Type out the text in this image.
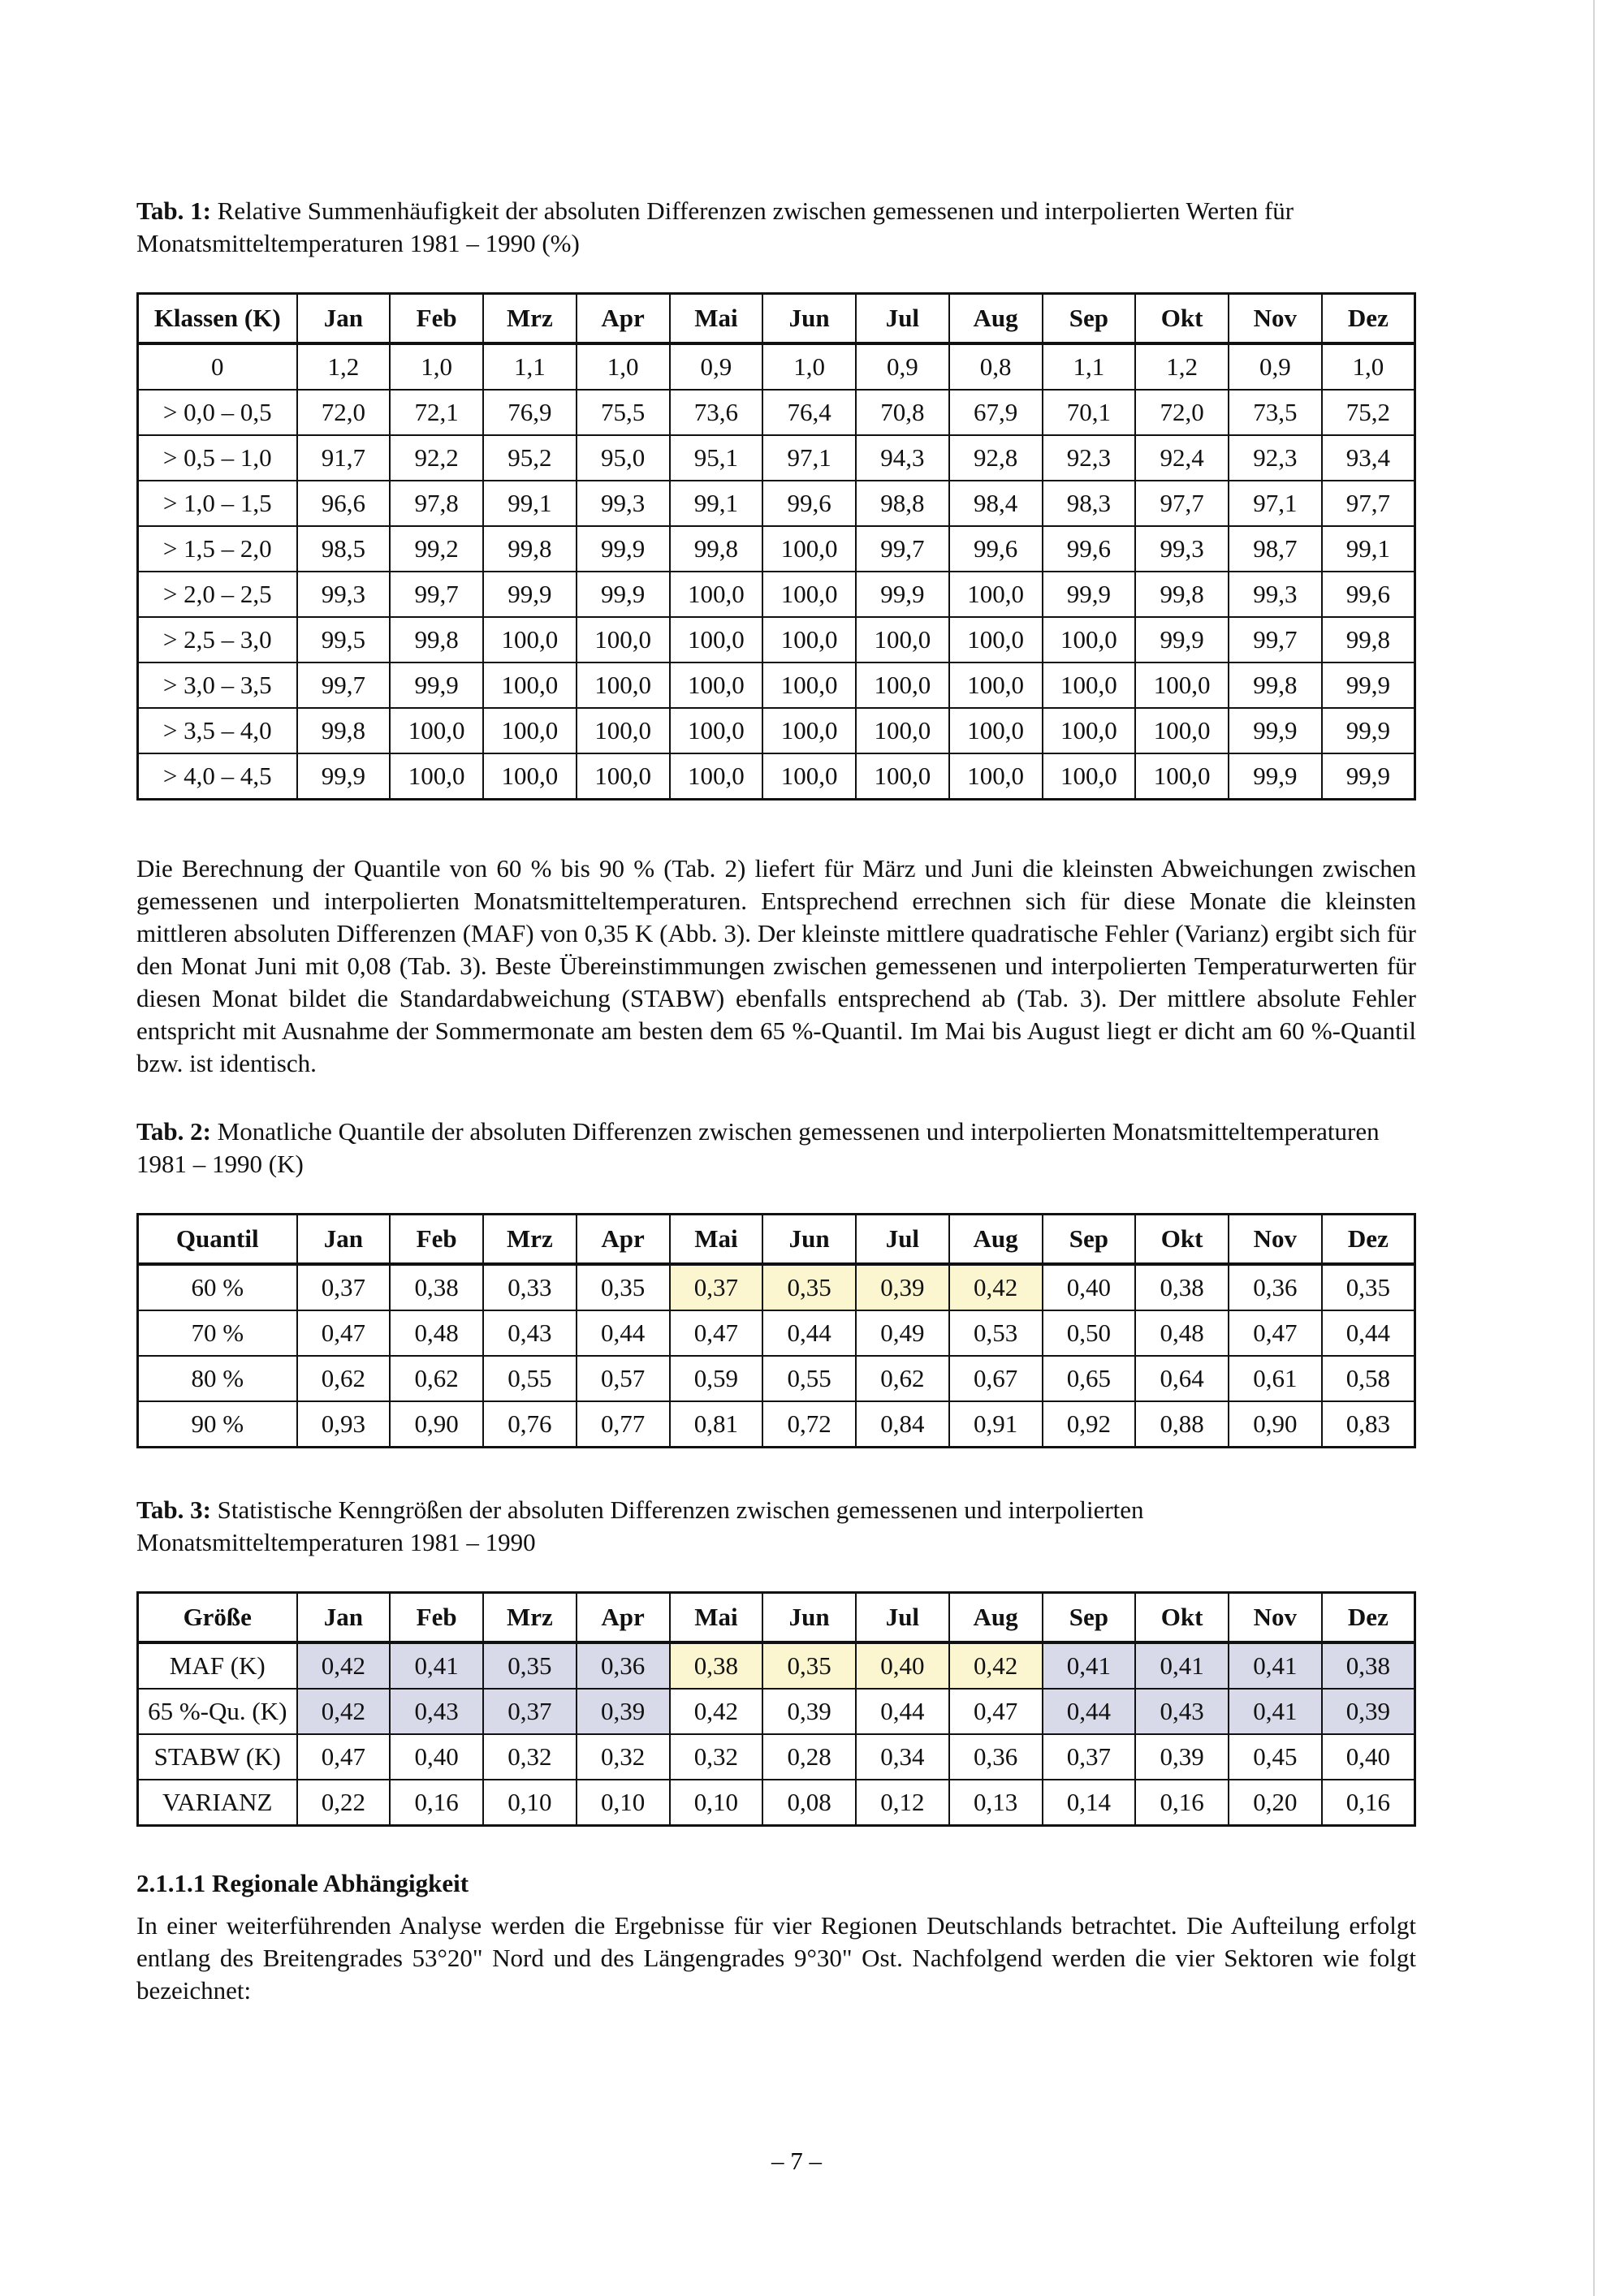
Tab. 1: Relative Summenhäufigkeit der absoluten Differenzen zwischen gemessenen und interpolierten Werten für Monatsmitteltemperaturen 1981 – 1990 (%)

Klassen (K)	Jan	Feb	Mrz	Apr	Mai	Jun	Jul	Aug	Sep	Okt	Nov	Dez
0	1,2	1,0	1,1	1,0	0,9	1,0	0,9	0,8	1,1	1,2	0,9	1,0
> 0,0 – 0,5	72,0	72,1	76,9	75,5	73,6	76,4	70,8	67,9	70,1	72,0	73,5	75,2
> 0,5 – 1,0	91,7	92,2	95,2	95,0	95,1	97,1	94,3	92,8	92,3	92,4	92,3	93,4
> 1,0 – 1,5	96,6	97,8	99,1	99,3	99,1	99,6	98,8	98,4	98,3	97,7	97,1	97,7
> 1,5 – 2,0	98,5	99,2	99,8	99,9	99,8	100,0	99,7	99,6	99,6	99,3	98,7	99,1
> 2,0 – 2,5	99,3	99,7	99,9	99,9	100,0	100,0	99,9	100,0	99,9	99,8	99,3	99,6
> 2,5 – 3,0	99,5	99,8	100,0	100,0	100,0	100,0	100,0	100,0	100,0	99,9	99,7	99,8
> 3,0 – 3,5	99,7	99,9	100,0	100,0	100,0	100,0	100,0	100,0	100,0	100,0	99,8	99,9
> 3,5 – 4,0	99,8	100,0	100,0	100,0	100,0	100,0	100,0	100,0	100,0	100,0	99,9	99,9
> 4,0 – 4,5	99,9	100,0	100,0	100,0	100,0	100,0	100,0	100,0	100,0	100,0	99,9	99,9

Die Berechnung der Quantile von 60 % bis 90 % (Tab. 2) liefert für März und Juni die kleinsten Abweichungen zwischen gemessenen und interpolierten Monatsmitteltemperaturen. Entsprechend errechnen sich für diese Monate die kleinsten mittleren absoluten Differenzen (MAF) von 0,35 K (Abb. 3). Der kleinste mittlere quadratische Fehler (Varianz) ergibt sich für den Monat Juni mit 0,08 (Tab. 3). Beste Übereinstimmungen zwischen gemessenen und interpolierten Temperaturwerten für diesen Monat bildet die Standardabweichung (STABW) ebenfalls entsprechend ab (Tab. 3). Der mittlere absolute Fehler entspricht mit Ausnahme der Sommermonate am besten dem 65 %-Quantil. Im Mai bis August liegt er dicht am 60 %-Quantil bzw. ist identisch.

Tab. 2: Monatliche Quantile der absoluten Differenzen zwischen gemessenen und interpolierten Monatsmitteltemperaturen 1981 – 1990 (K)

Quantil	Jan	Feb	Mrz	Apr	Mai	Jun	Jul	Aug	Sep	Okt	Nov	Dez
60 %	0,37	0,38	0,33	0,35	0,37	0,35	0,39	0,42	0,40	0,38	0,36	0,35
70 %	0,47	0,48	0,43	0,44	0,47	0,44	0,49	0,53	0,50	0,48	0,47	0,44
80 %	0,62	0,62	0,55	0,57	0,59	0,55	0,62	0,67	0,65	0,64	0,61	0,58
90 %	0,93	0,90	0,76	0,77	0,81	0,72	0,84	0,91	0,92	0,88	0,90	0,83

Tab. 3: Statistische Kenngrößen der absoluten Differenzen zwischen gemessenen und interpolierten Monatsmitteltemperaturen 1981 – 1990

Größe	Jan	Feb	Mrz	Apr	Mai	Jun	Jul	Aug	Sep	Okt	Nov	Dez
MAF (K)	0,42	0,41	0,35	0,36	0,38	0,35	0,40	0,42	0,41	0,41	0,41	0,38
65 %-Qu. (K)	0,42	0,43	0,37	0,39	0,42	0,39	0,44	0,47	0,44	0,43	0,41	0,39
STABW (K)	0,47	0,40	0,32	0,32	0,32	0,28	0,34	0,36	0,37	0,39	0,45	0,40
VARIANZ	0,22	0,16	0,10	0,10	0,10	0,08	0,12	0,13	0,14	0,16	0,20	0,16

2.1.1.1 Regionale Abhängigkeit

In einer weiterführenden Analyse werden die Ergebnisse für vier Regionen Deutschlands betrachtet. Die Aufteilung erfolgt entlang des Breitengrades 53°20" Nord und des Längengrades 9°30" Ost. Nachfolgend werden die vier Sektoren wie folgt bezeichnet:

– 7 –
